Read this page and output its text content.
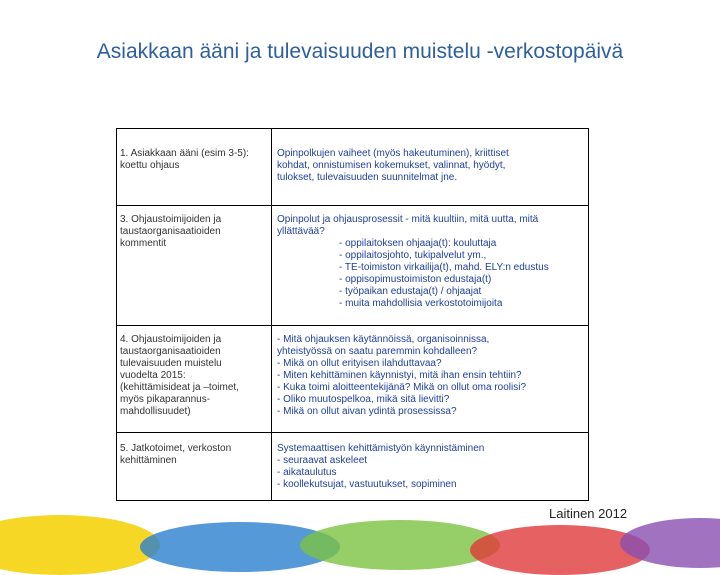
Asiakkaan ääni ja tulevaisuuden muistelu -verkostopäivä
1. Asiakkaan ääni (esim 3-5):
koettu ohjaus
3. Ohjaustoimijoiden ja
taustaorganisaatioiden
kommentit
4. Ohjaustoimijoiden ja
taustaorganisaatioiden
tulevaisuuden muistelu
vuodelta 2015:
(kehittämisideat ja –toimet,
myös pikaparannus-
mahdollisuudet)
5. Jatkotoimet, verkoston
kehittäminen
Opinpolkujen vaiheet (myös hakeutuminen), kriittiset
kohdat, onnistumisen kokemukset, valinnat, hyödyt,
tulokset, tulevaisuuden suunnitelmat jne.
Opinpolut ja ohjausprosessit - mitä kuultiin, mitä uutta, mitä
yllättävää?
- oppilaitoksen ohjaaja(t): kouluttaja
- oppilaitosjohto, tukipalvelut ym.,
- TE-toimiston virkailija(t), mahd. ELY:n edustus
- oppisopimustoimiston edustaja(t)
- työpaikan edustaja(t) / ohjaajat
- muita mahdollisia verkostotoimijoita
- Mitä ohjauksen käytännöissä, organisoinnissa,
yhteistyössä on saatu paremmin kohdalleen?
- Mikä on ollut erityisen ilahduttavaa?
- Miten kehittäminen käynnistyi, mitä ihan ensin tehtiin?
- Kuka toimi aloitteentekijänä? Mikä on ollut oma roolisi?
- Oliko muutospelkoa, mikä sitä lievitti?
- Mikä on ollut aivan ydintä prosessissa?
Systemaattisen kehittämistyön käynnistäminen
- seuraavat askeleet
- aikataulutus
- koollekutsujat, vastuutukset, sopiminen
Laitinen 2012
